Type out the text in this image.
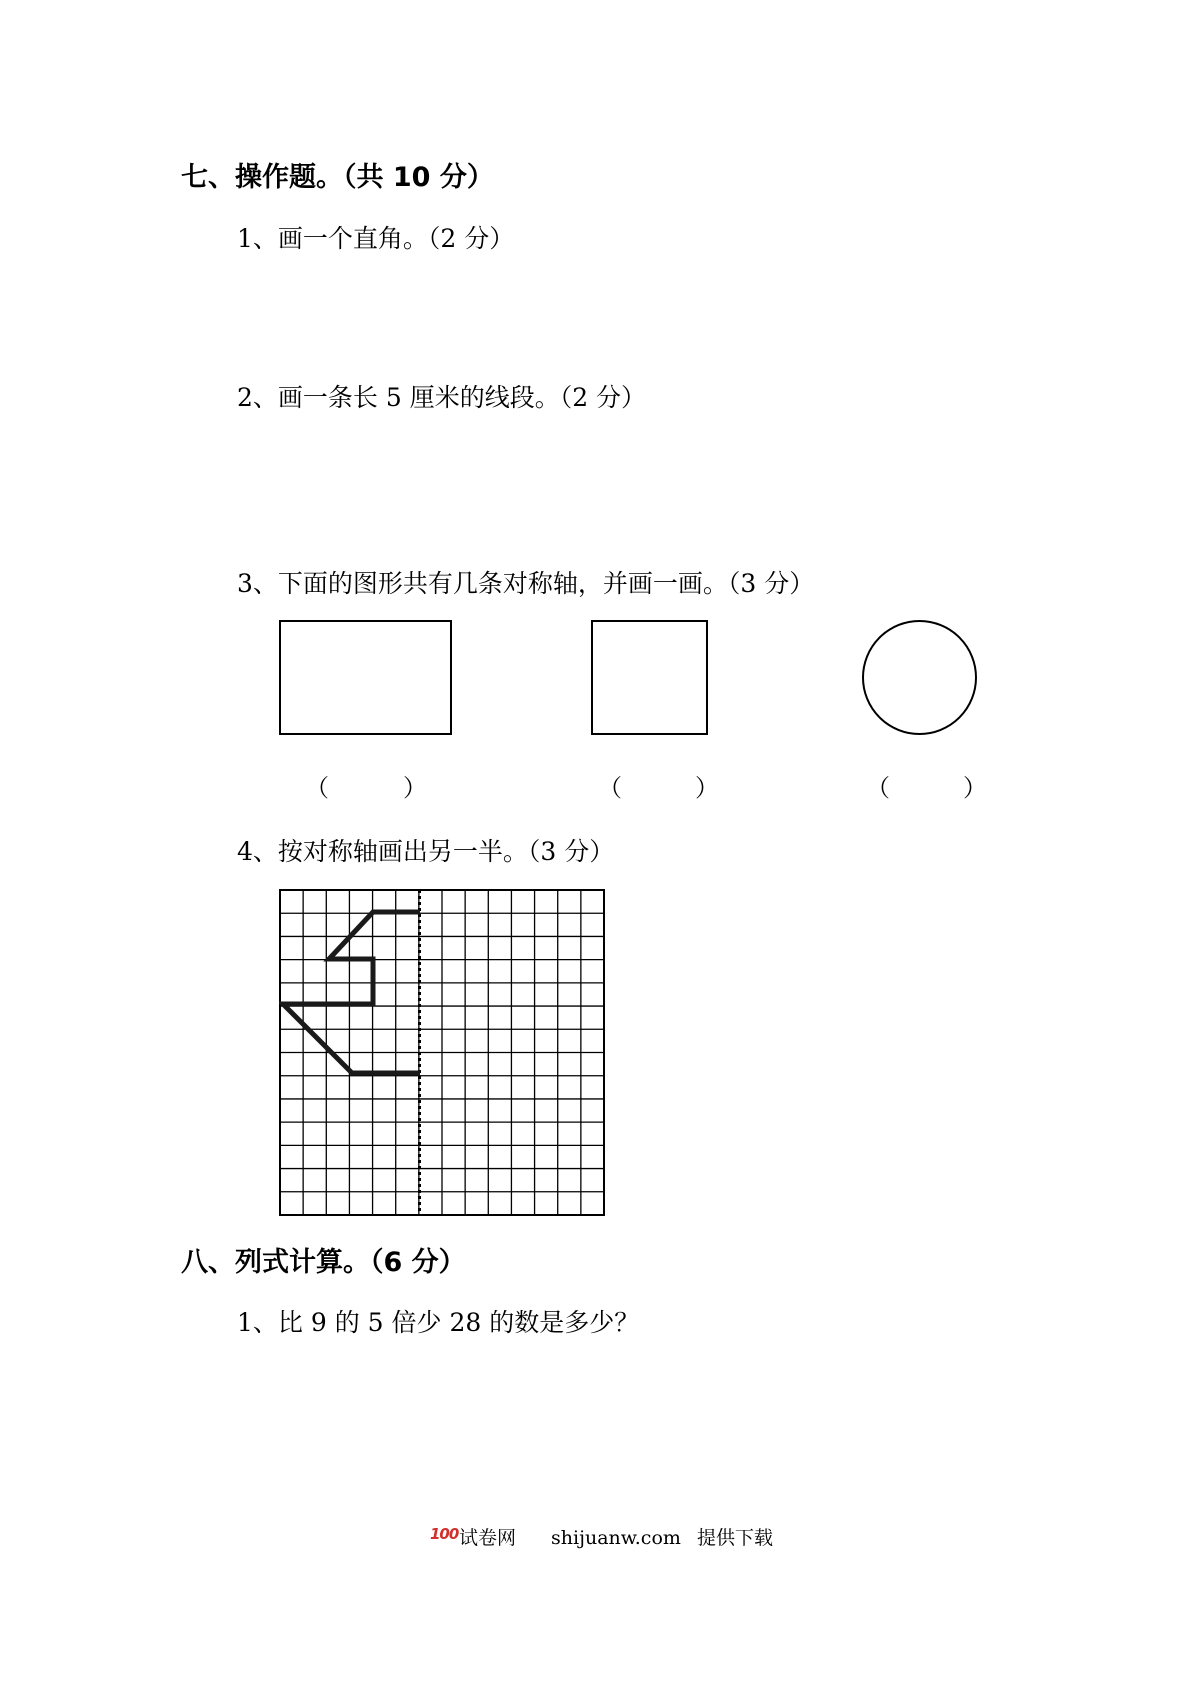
七、操作题。（共 10 分）
1、画一个直角。（2 分）
2、画一条长 5 厘米的线段。（2 分）
3、下面的图形共有几条对称轴，并画一画。（3 分）
（	）	（	）	（	）
4、按对称轴画出另一半。（3 分）
八、列式计算。（6 分）
1、比 9 的 5 倍少 28 的数是多少？
100 试卷网 shijuanw.com 提供下载
